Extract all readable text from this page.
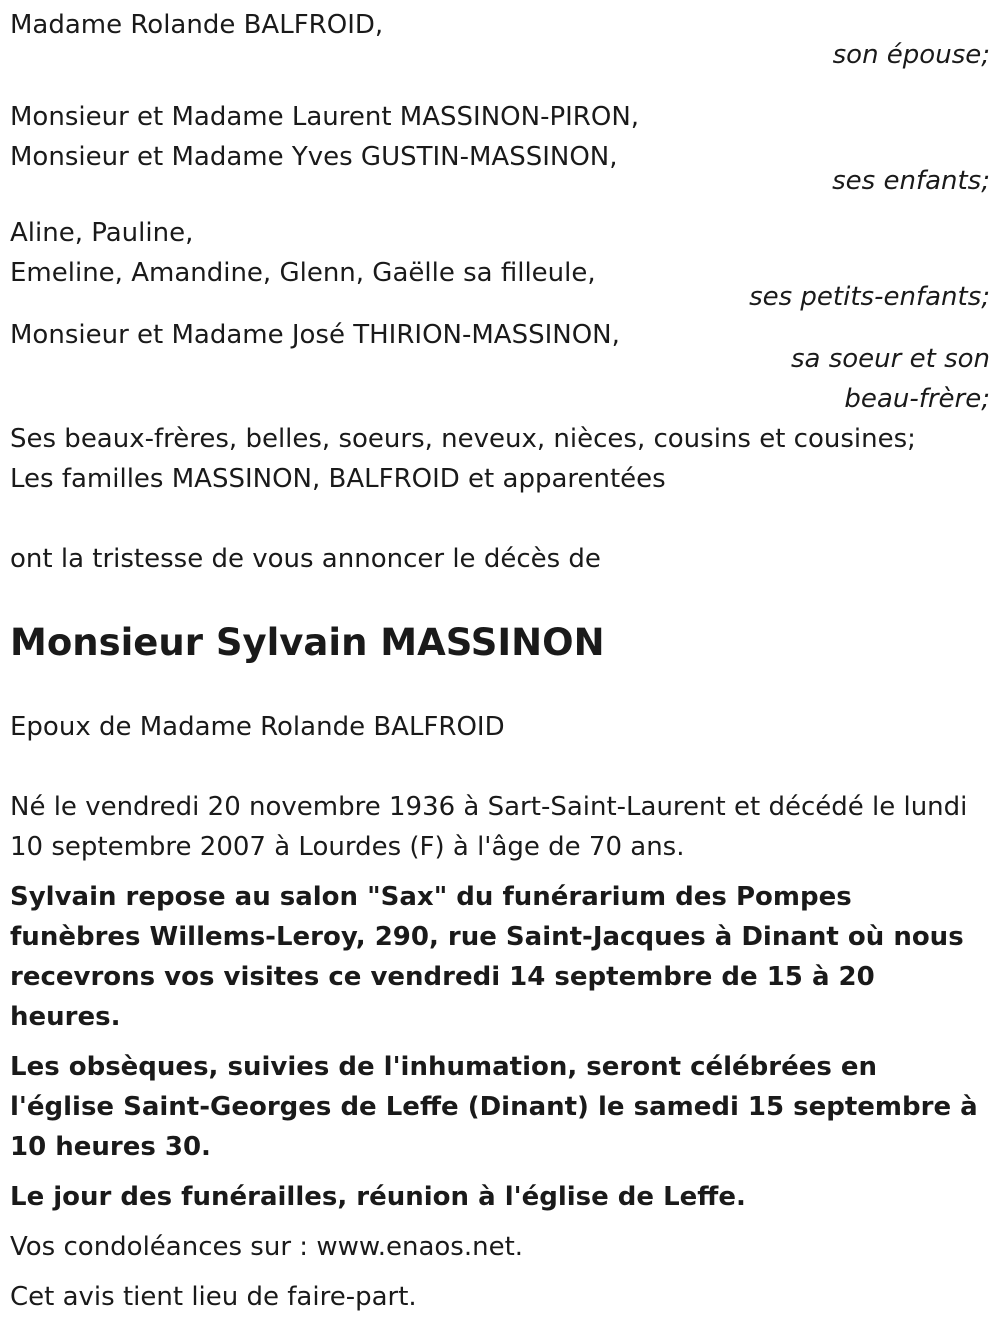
Madame Rolande BALFROID,
son épouse;
Monsieur et Madame Laurent MASSINON-PIRON,
Monsieur et Madame Yves GUSTIN-MASSINON,
ses enfants;
Aline, Pauline,
Emeline, Amandine, Glenn, Gaëlle sa filleule,
ses petits-enfants;
Monsieur et Madame José THIRION-MASSINON,
sa soeur et son
beau-frère;
Ses beaux-frères, belles, soeurs, neveux, nièces, cousins et cousines;
Les familles MASSINON, BALFROID et apparentées
ont la tristesse de vous annoncer le décès de
Monsieur Sylvain MASSINON
Epoux de Madame Rolande BALFROID
Né le vendredi 20 novembre 1936 à Sart-Saint-Laurent et décédé le lundi 10 septembre 2007 à Lourdes (F) à l'âge de 70 ans.
Sylvain repose au salon "Sax" du funérarium des Pompes funèbres Willems-Leroy, 290, rue Saint-Jacques à Dinant où nous recevrons vos visites ce vendredi 14 septembre de 15 à 20 heures.
Les obsèques, suivies de l'inhumation, seront célébrées en l'église Saint-Georges de Leffe (Dinant) le samedi 15 septembre à 10 heures 30.
Le jour des funérailles, réunion à l'église de Leffe.
Vos condoléances sur : www.enaos.net.
Cet avis tient lieu de faire-part.
